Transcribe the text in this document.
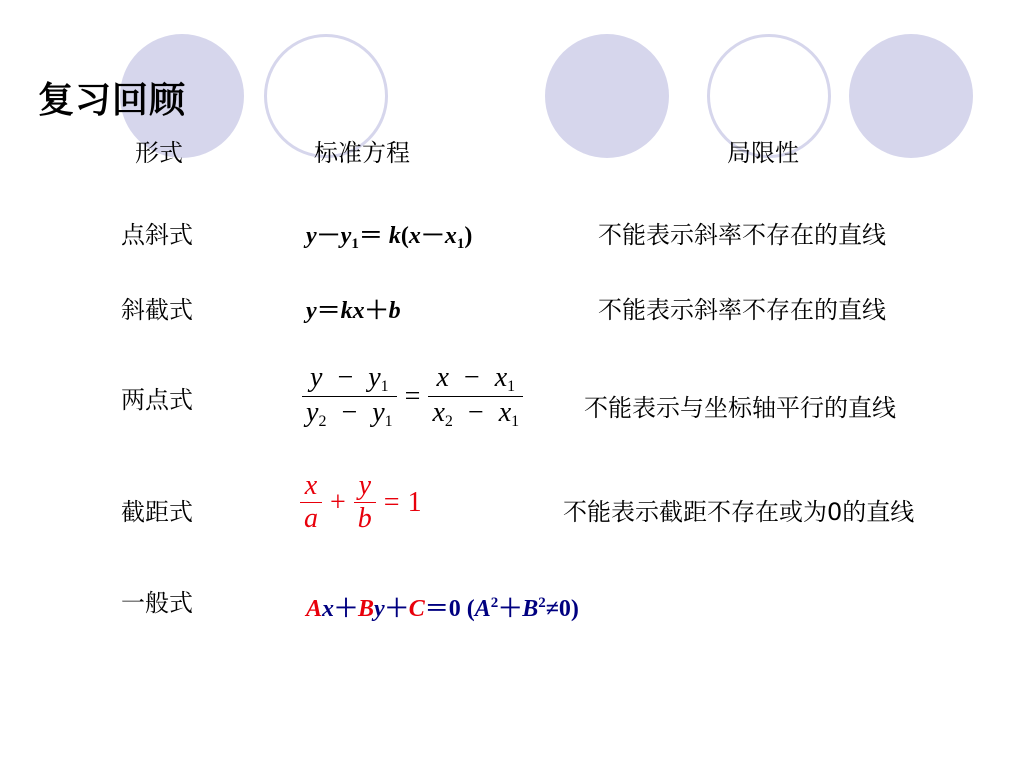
复习回顾
形式	标准方程	局限性
点斜式
斜截式
两点式
截距式
一般式
不能表示斜率不存在的直线
不能表示斜率不存在的直线
不能表示与坐标轴平行的直线
不能表示截距不存在或为0的直线
$y-y_1= k(x-x_1)$
y＝kx＋b
$\frac{y - y_1}{y_2 - y_1} = \frac{x - x_1}{x_2 - x_1}$
$\frac{x}{a} + \frac{y}{b} = 1$
Ax＋By＋C＝0 $(A^2+B^2\ne 0)$
